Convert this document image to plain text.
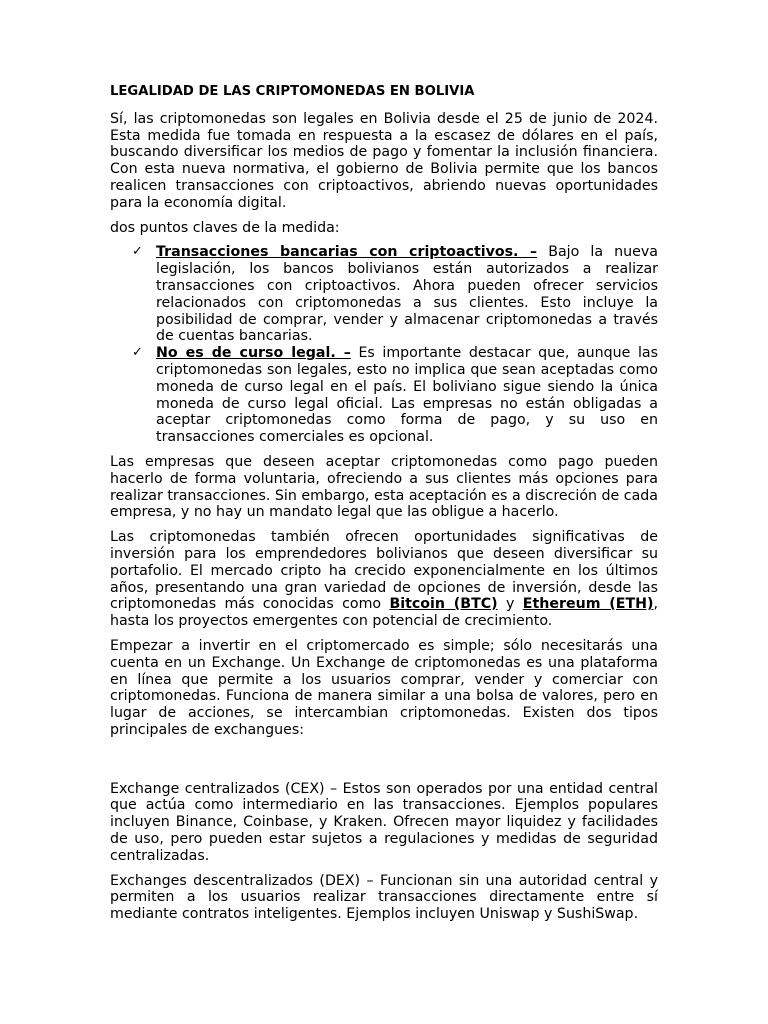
LEGALIDAD DE LAS CRIPTOMONEDAS EN BOLIVIA

Sí, las criptomonedas son legales en Bolivia desde el 25 de junio de 2024. Esta medida fue tomada en respuesta a la escasez de dólares en el país, buscando diversificar los medios de pago y fomentar la inclusión financiera. Con esta nueva normativa, el gobierno de Bolivia permite que los bancos realicen transacciones con criptoactivos, abriendo nuevas oportunidades para la economía digital.

dos puntos claves de la medida:

✓ Transacciones bancarias con criptoactivos. – Bajo la nueva legislación, los bancos bolivianos están autorizados a realizar transacciones con criptoactivos. Ahora pueden ofrecer servicios relacionados con criptomonedas a sus clientes. Esto incluye la posibilidad de comprar, vender y almacenar criptomonedas a través de cuentas bancarias.
✓ No es de curso legal. – Es importante destacar que, aunque las criptomonedas son legales, esto no implica que sean aceptadas como moneda de curso legal en el país. El boliviano sigue siendo la única moneda de curso legal oficial. Las empresas no están obligadas a aceptar criptomonedas como forma de pago, y su uso en transacciones comerciales es opcional.

Las empresas que deseen aceptar criptomonedas como pago pueden hacerlo de forma voluntaria, ofreciendo a sus clientes más opciones para realizar transacciones. Sin embargo, esta aceptación es a discreción de cada empresa, y no hay un mandato legal que las obligue a hacerlo.

Las criptomonedas también ofrecen oportunidades significativas de inversión para los emprendedores bolivianos que deseen diversificar su portafolio. El mercado cripto ha crecido exponencialmente en los últimos años, presentando una gran variedad de opciones de inversión, desde las criptomonedas más conocidas como Bitcoin (BTC) y Ethereum (ETH), hasta los proyectos emergentes con potencial de crecimiento.

Empezar a invertir en el criptomercado es simple; sólo necesitarás una cuenta en un Exchange. Un Exchange de criptomonedas es una plataforma en línea que permite a los usuarios comprar, vender y comerciar con criptomonedas. Funciona de manera similar a una bolsa de valores, pero en lugar de acciones, se intercambian criptomonedas. Existen dos tipos principales de exchangues:

Exchange centralizados (CEX) – Estos son operados por una entidad central que actúa como intermediario en las transacciones. Ejemplos populares incluyen Binance, Coinbase, y Kraken. Ofrecen mayor liquidez y facilidades de uso, pero pueden estar sujetos a regulaciones y medidas de seguridad centralizadas.

Exchanges descentralizados (DEX) – Funcionan sin una autoridad central y permiten a los usuarios realizar transacciones directamente entre sí mediante contratos inteligentes. Ejemplos incluyen Uniswap y SushiSwap.
